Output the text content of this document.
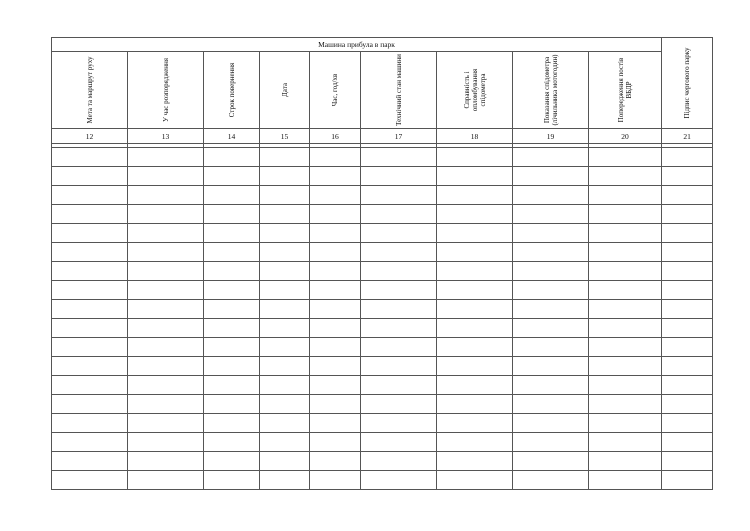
Машина прибула в парк									Підпис чергового парку

Мета та маршрут руху	У час розпорядження	Строк повернення	Дата	Час, год/хв	Технічний стан машини	Справність і опломбування спідометра	Показання спідометра (лічильника мотогодин)	Попередження постів ВБДР	

12	13	14	15	16	17	18	19	20	21
